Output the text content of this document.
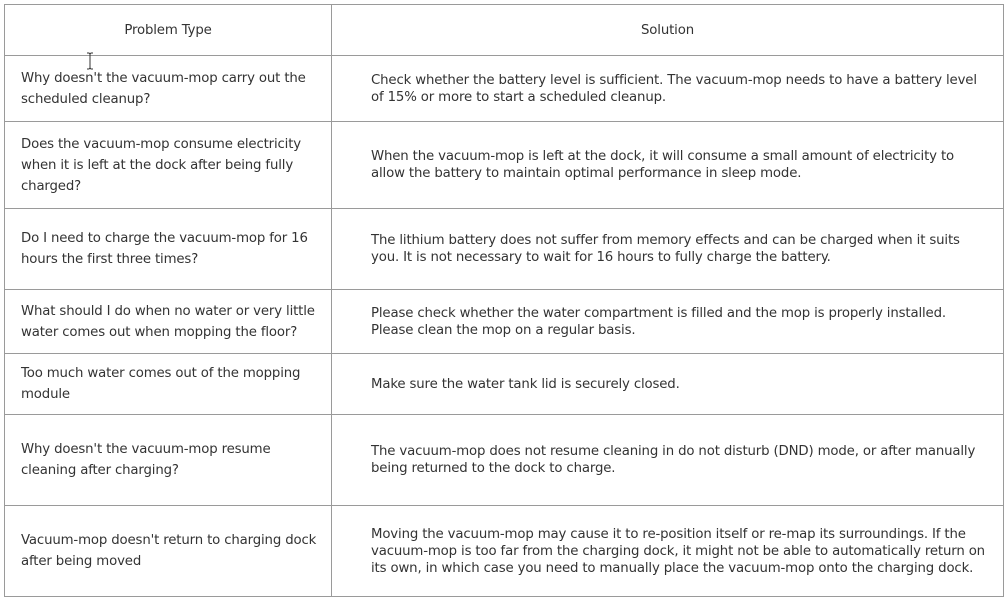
Problem Type	Solution
Why doesn't the vacuum-mop carry out the scheduled cleanup?	Check whether the battery level is sufficient. The vacuum-mop needs to have a battery level of 15% or more to start a scheduled cleanup.
Does the vacuum-mop consume electricity when it is left at the dock after being fully charged?	When the vacuum-mop is left at the dock, it will consume a small amount of electricity to allow the battery to maintain optimal performance in sleep mode.
Do I need to charge the vacuum-mop for 16 hours the first three times?	The lithium battery does not suffer from memory effects and can be charged when it suits you. It is not necessary to wait for 16 hours to fully charge the battery.
What should I do when no water or very little water comes out when mopping the floor?	Please check whether the water compartment is filled and the mop is properly installed. Please clean the mop on a regular basis.
Too much water comes out of the mopping module	Make sure the water tank lid is securely closed.
Why doesn't the vacuum-mop resume cleaning after charging?	The vacuum-mop does not resume cleaning in do not disturb (DND) mode, or after manually being returned to the dock to charge.
Vacuum-mop doesn't return to charging dock after being moved	Moving the vacuum-mop may cause it to re-position itself or re-map its surroundings. If the vacuum-mop is too far from the charging dock, it might not be able to automatically return on its own, in which case you need to manually place the vacuum-mop onto the charging dock.
